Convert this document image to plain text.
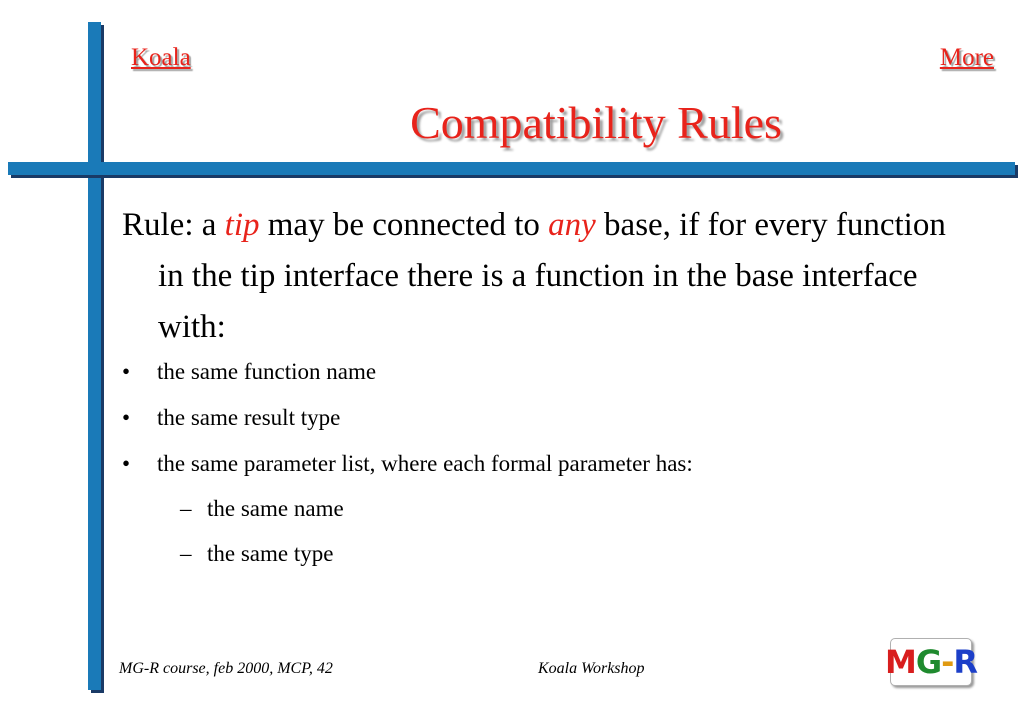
Koala	More
Compatibility Rules
Rule: a tip may be connected to any base, if for every function in the tip interface there is a function in the base interface with:
• the same function name
• the same result type
• the same parameter list, where each formal parameter has:
– the same name
– the same type
MG-R course, feb 2000, MCP, 42	Koala Workshop	M G - R
